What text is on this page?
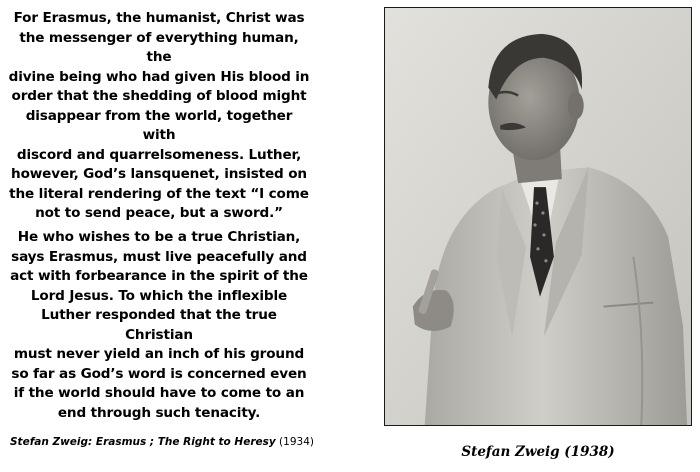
For Erasmus, the humanist, Christ was
the messenger of everything human, the
divine being who had given His blood in
order that the shedding of blood might
disappear from the world, together with
discord and quarrelsomeness. Luther,
however, God’s lansquenet, insisted on
the literal rendering of the text “I come
not to send peace, but a sword.”
He who wishes to be a true Christian,
says Erasmus, must live peacefully and
act with forbearance in the spirit of the
Lord Jesus. To which the inflexible
Luther responded that the true Christian
must never yield an inch of his ground
so far as God’s word is concerned even
if the world should have to come to an
end through such tenacity.
Stefan Zweig: Erasmus ; The Right to Heresy (1934)
Stefan Zweig (1938)
